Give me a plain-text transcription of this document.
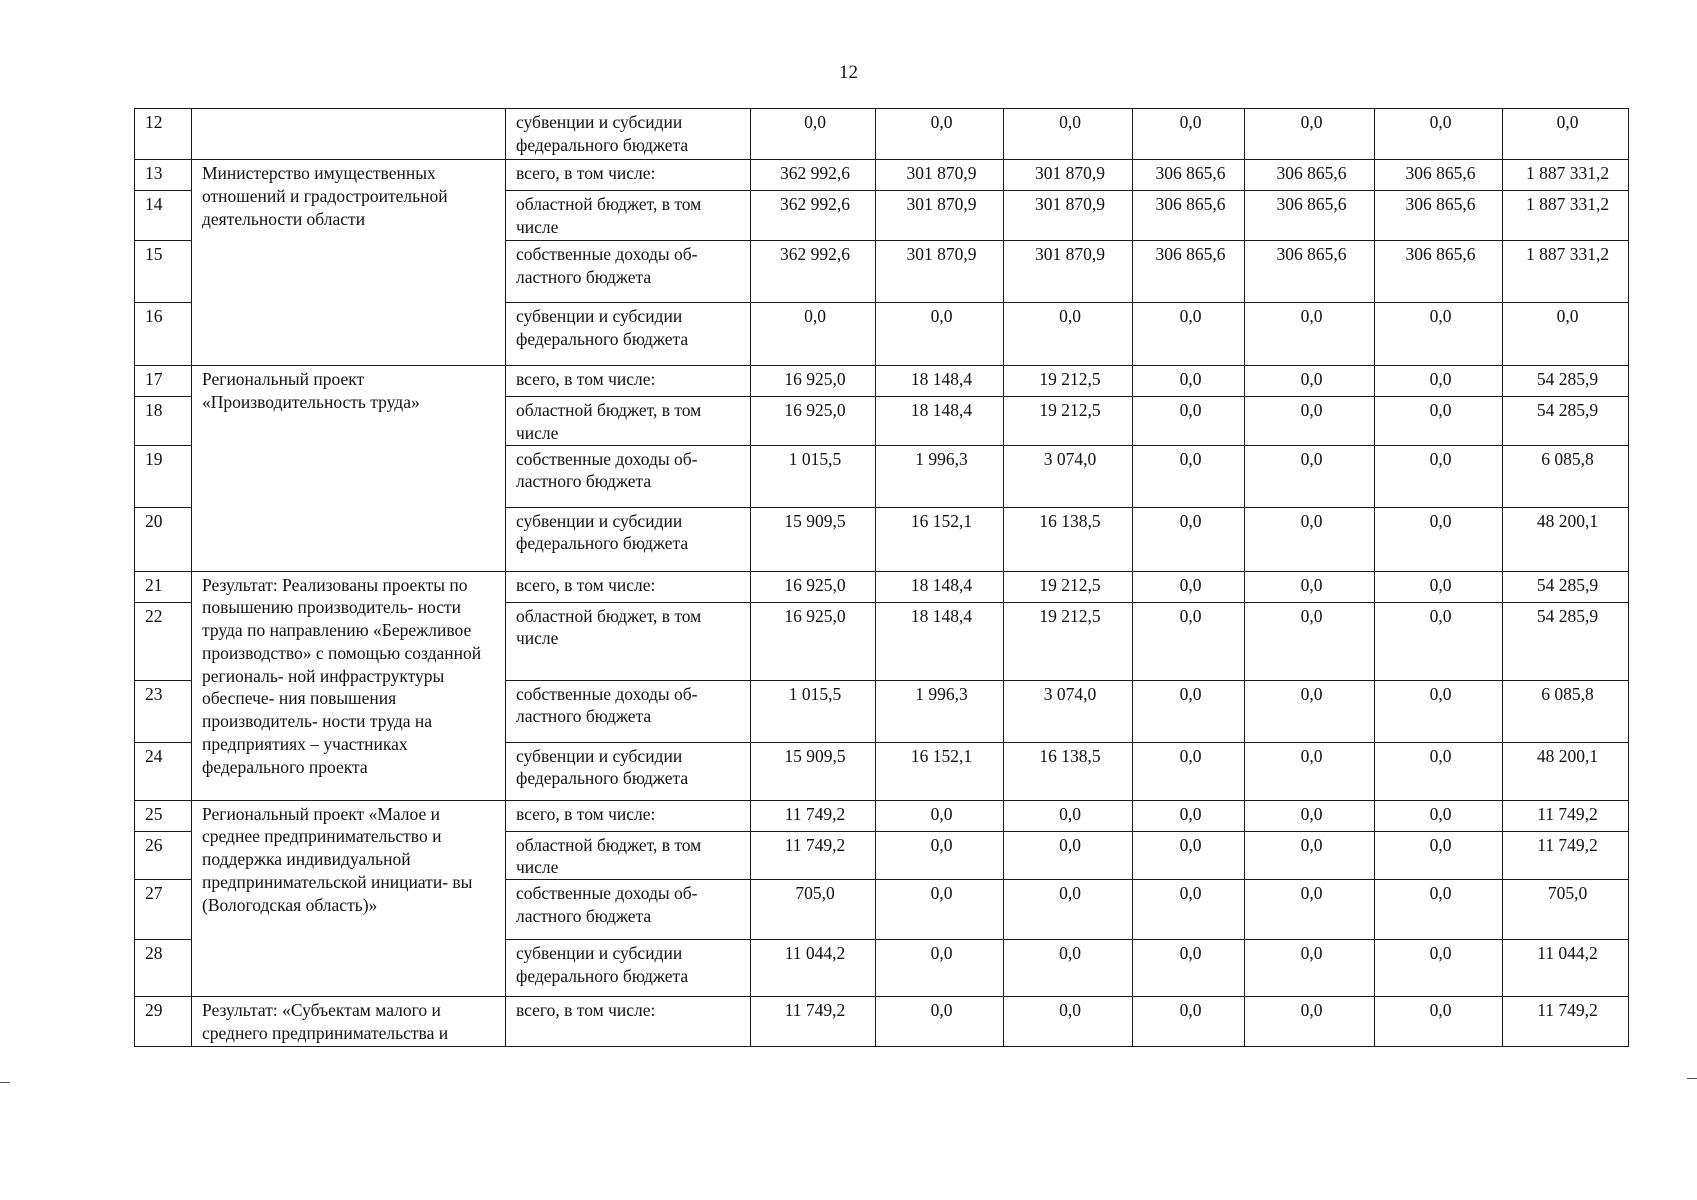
12
12		субвенции и субсидии федерального бюджета	0,0	0,0	0,0	0,0	0,0	0,0	0,0
13	Министерство имущественных отношений и градостроительной деятельности области	всего, в том числе:	362 992,6	301 870,9	301 870,9	306 865,6	306 865,6	306 865,6	1 887 331,2
14		областной бюджет, в том числе	362 992,6	301 870,9	301 870,9	306 865,6	306 865,6	306 865,6	1 887 331,2
15		собственные доходы об- ластного бюджета	362 992,6	301 870,9	301 870,9	306 865,6	306 865,6	306 865,6	1 887 331,2
16		субвенции и субсидии федерального бюджета	0,0	0,0	0,0	0,0	0,0	0,0	0,0
17	Региональный проект «Производительность труда»	всего, в том числе:	16 925,0	18 148,4	19 212,5	0,0	0,0	0,0	54 285,9
18		областной бюджет, в том числе	16 925,0	18 148,4	19 212,5	0,0	0,0	0,0	54 285,9
19		собственные доходы об- ластного бюджета	1 015,5	1 996,3	3 074,0	0,0	0,0	0,0	6 085,8
20		субвенции и субсидии федерального бюджета	15 909,5	16 152,1	16 138,5	0,0	0,0	0,0	48 200,1
21	Результат: Реализованы проекты по повышению производитель- ности труда по направлению «Бережливое производство» с помощью созданной региональ- ной инфраструктуры обеспече- ния повышения производитель- ности труда на предприятиях – участниках федерального проекта	всего, в том числе:	16 925,0	18 148,4	19 212,5	0,0	0,0	0,0	54 285,9
22		областной бюджет, в том числе	16 925,0	18 148,4	19 212,5	0,0	0,0	0,0	54 285,9
23		собственные доходы об- ластного бюджета	1 015,5	1 996,3	3 074,0	0,0	0,0	0,0	6 085,8
24		субвенции и субсидии федерального бюджета	15 909,5	16 152,1	16 138,5	0,0	0,0	0,0	48 200,1
25	Региональный проект «Малое и среднее предпринимательство и поддержка индивидуальной предпринимательской инициати- вы (Вологодская область)»	всего, в том числе:	11 749,2	0,0	0,0	0,0	0,0	0,0	11 749,2
26		областной бюджет, в том числе	11 749,2	0,0	0,0	0,0	0,0	0,0	11 749,2
27		собственные доходы об- ластного бюджета	705,0	0,0	0,0	0,0	0,0	0,0	705,0
28		субвенции и субсидии федерального бюджета	11 044,2	0,0	0,0	0,0	0,0	0,0	11 044,2
29	Результат: «Субъектам малого и среднего предпринимательства и	всего, в том числе:	11 749,2	0,0	0,0	0,0	0,0	0,0	11 749,2
